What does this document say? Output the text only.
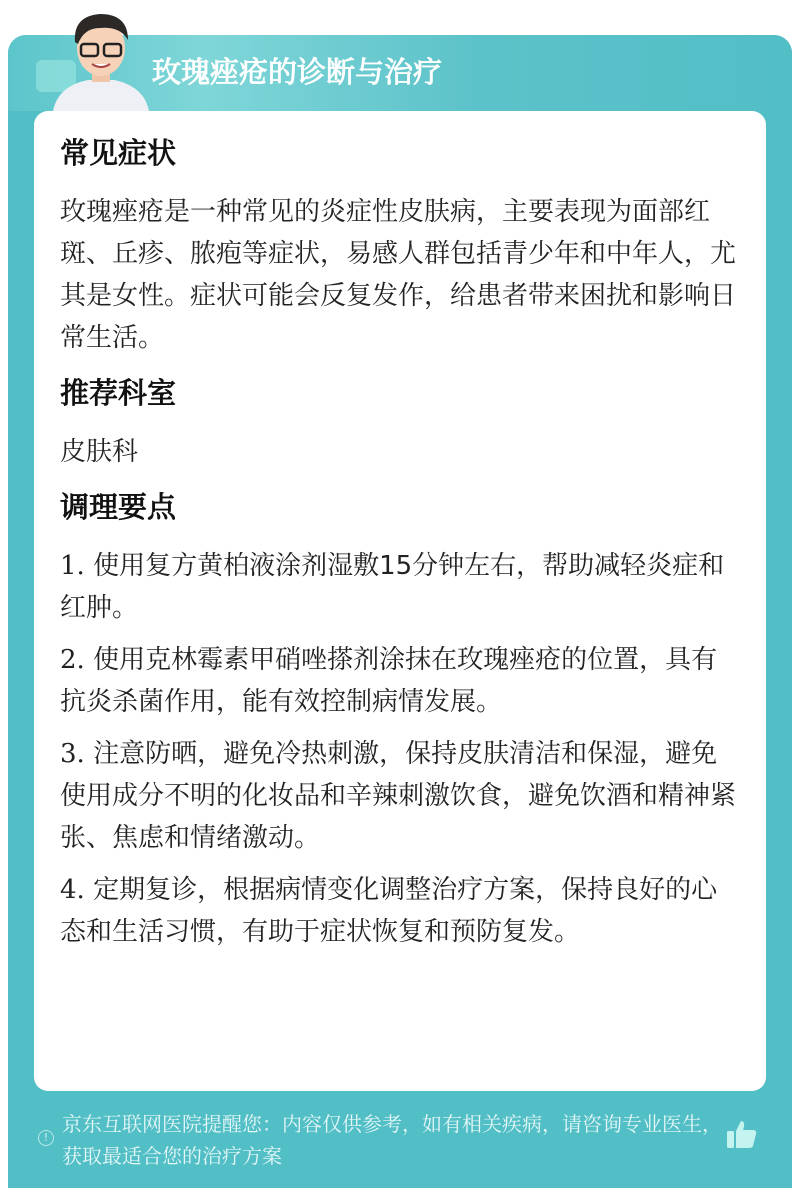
玫瑰痤疮的诊断与治疗
常见症状

玫瑰痤疮是一种常见的炎症性皮肤病，主要表现为面部红斑、丘疹、脓疱等症状，易感人群包括青少年和中年人，尤其是女性。症状可能会反复发作，给患者带来困扰和影响日常生活。

推荐科室

皮肤科

调理要点
1. 使用复方黄柏液涂剂湿敷15分钟左右，帮助减轻炎症和红肿。
2. 使用克林霉素甲硝唑搽剂涂抹在玫瑰痤疮的位置，具有抗炎杀菌作用，能有效控制病情发展。
3. 注意防晒，避免冷热刺激，保持皮肤清洁和保湿，避免使用成分不明的化妆品和辛辣刺激饮食，避免饮酒和精神紧张、焦虑和情绪激动。
4. 定期复诊，根据病情变化调整治疗方案，保持良好的心态和生活习惯，有助于症状恢复和预防复发。
!
京东互联网医院提醒您：内容仅供参考，如有相关疾病，请咨询专业医生，获取最适合您的治疗方案
